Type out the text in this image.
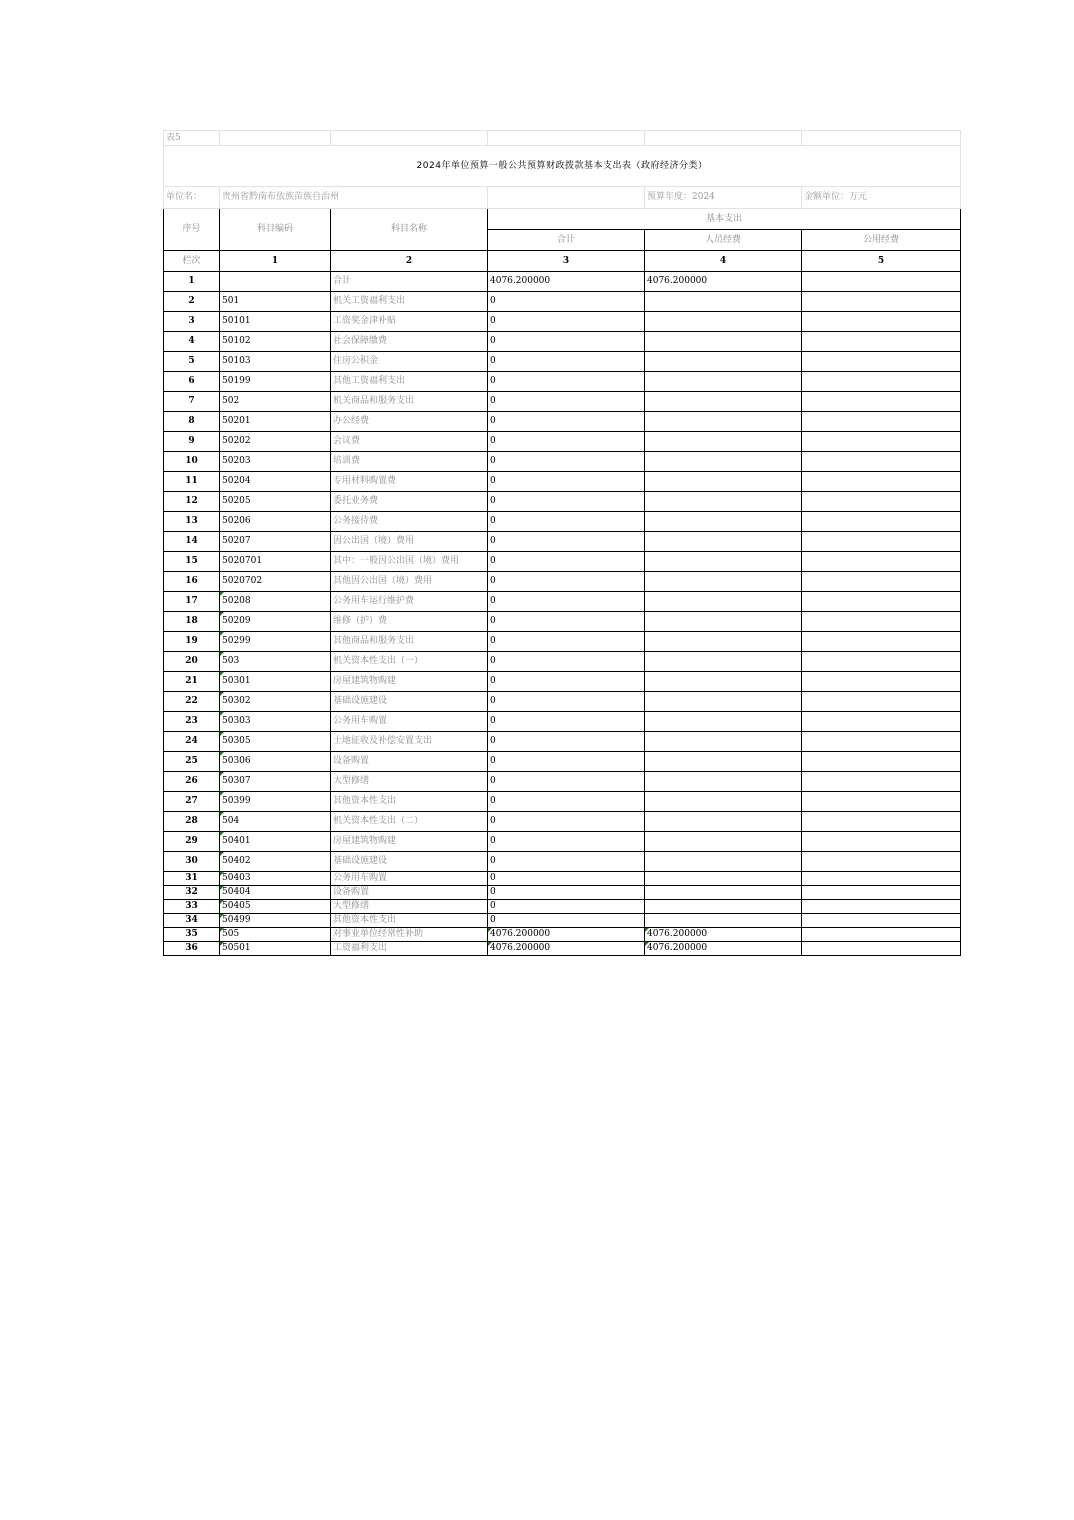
表5					
2024年单位预算一般公共预算财政拨款基本支出表（政府经济分类）					
单位名：	贵州省黔南布依族苗族自治州			预算年度：2024	金额单位：万元
序号	科目编码	科目名称	基本支出		
			合计	人员经费	公用经费
栏次	1	2	3	4	5
1		合计	4076.200000	4076.200000	
2	501	机关工资福利支出	0		
3	50101	工资奖金津补贴	0		
4	50102	社会保障缴费	0		
5	50103	住房公积金	0		
6	50199	其他工资福利支出	0		
7	502	机关商品和服务支出	0		
8	50201	办公经费	0		
9	50202	会议费	0		
10	50203	培训费	0		
11	50204	专用材料购置费	0		
12	50205	委托业务费	0		
13	50206	公务接待费	0		
14	50207	因公出国（境）费用	0		
15	5020701	其中：一般因公出国（境）费用	0		
16	5020702	其他因公出国（境）费用	0		
17	50208	公务用车运行维护费	0		
18	50209	维修（护）费	0		
19	50299	其他商品和服务支出	0		
20	503	机关资本性支出（一）	0		
21	50301	房屋建筑物购建	0		
22	50302	基础设施建设	0		
23	50303	公务用车购置	0		
24	50305	土地征收及补偿安置支出	0		
25	50306	设备购置	0		
26	50307	大型修缮	0		
27	50399	其他资本性支出	0		
28	504	机关资本性支出（二）	0		
29	50401	房屋建筑物购建	0		
30	50402	基础设施建设	0		
31	50403	公务用车购置	0		
32	50404	设备购置	0		
33	50405	大型修缮	0		
34	50499	其他资本性支出	0		
35	505	对事业单位经常性补助	4076.200000	4076.200000	
36	50501	工资福利支出	4076.200000	4076.200000	
